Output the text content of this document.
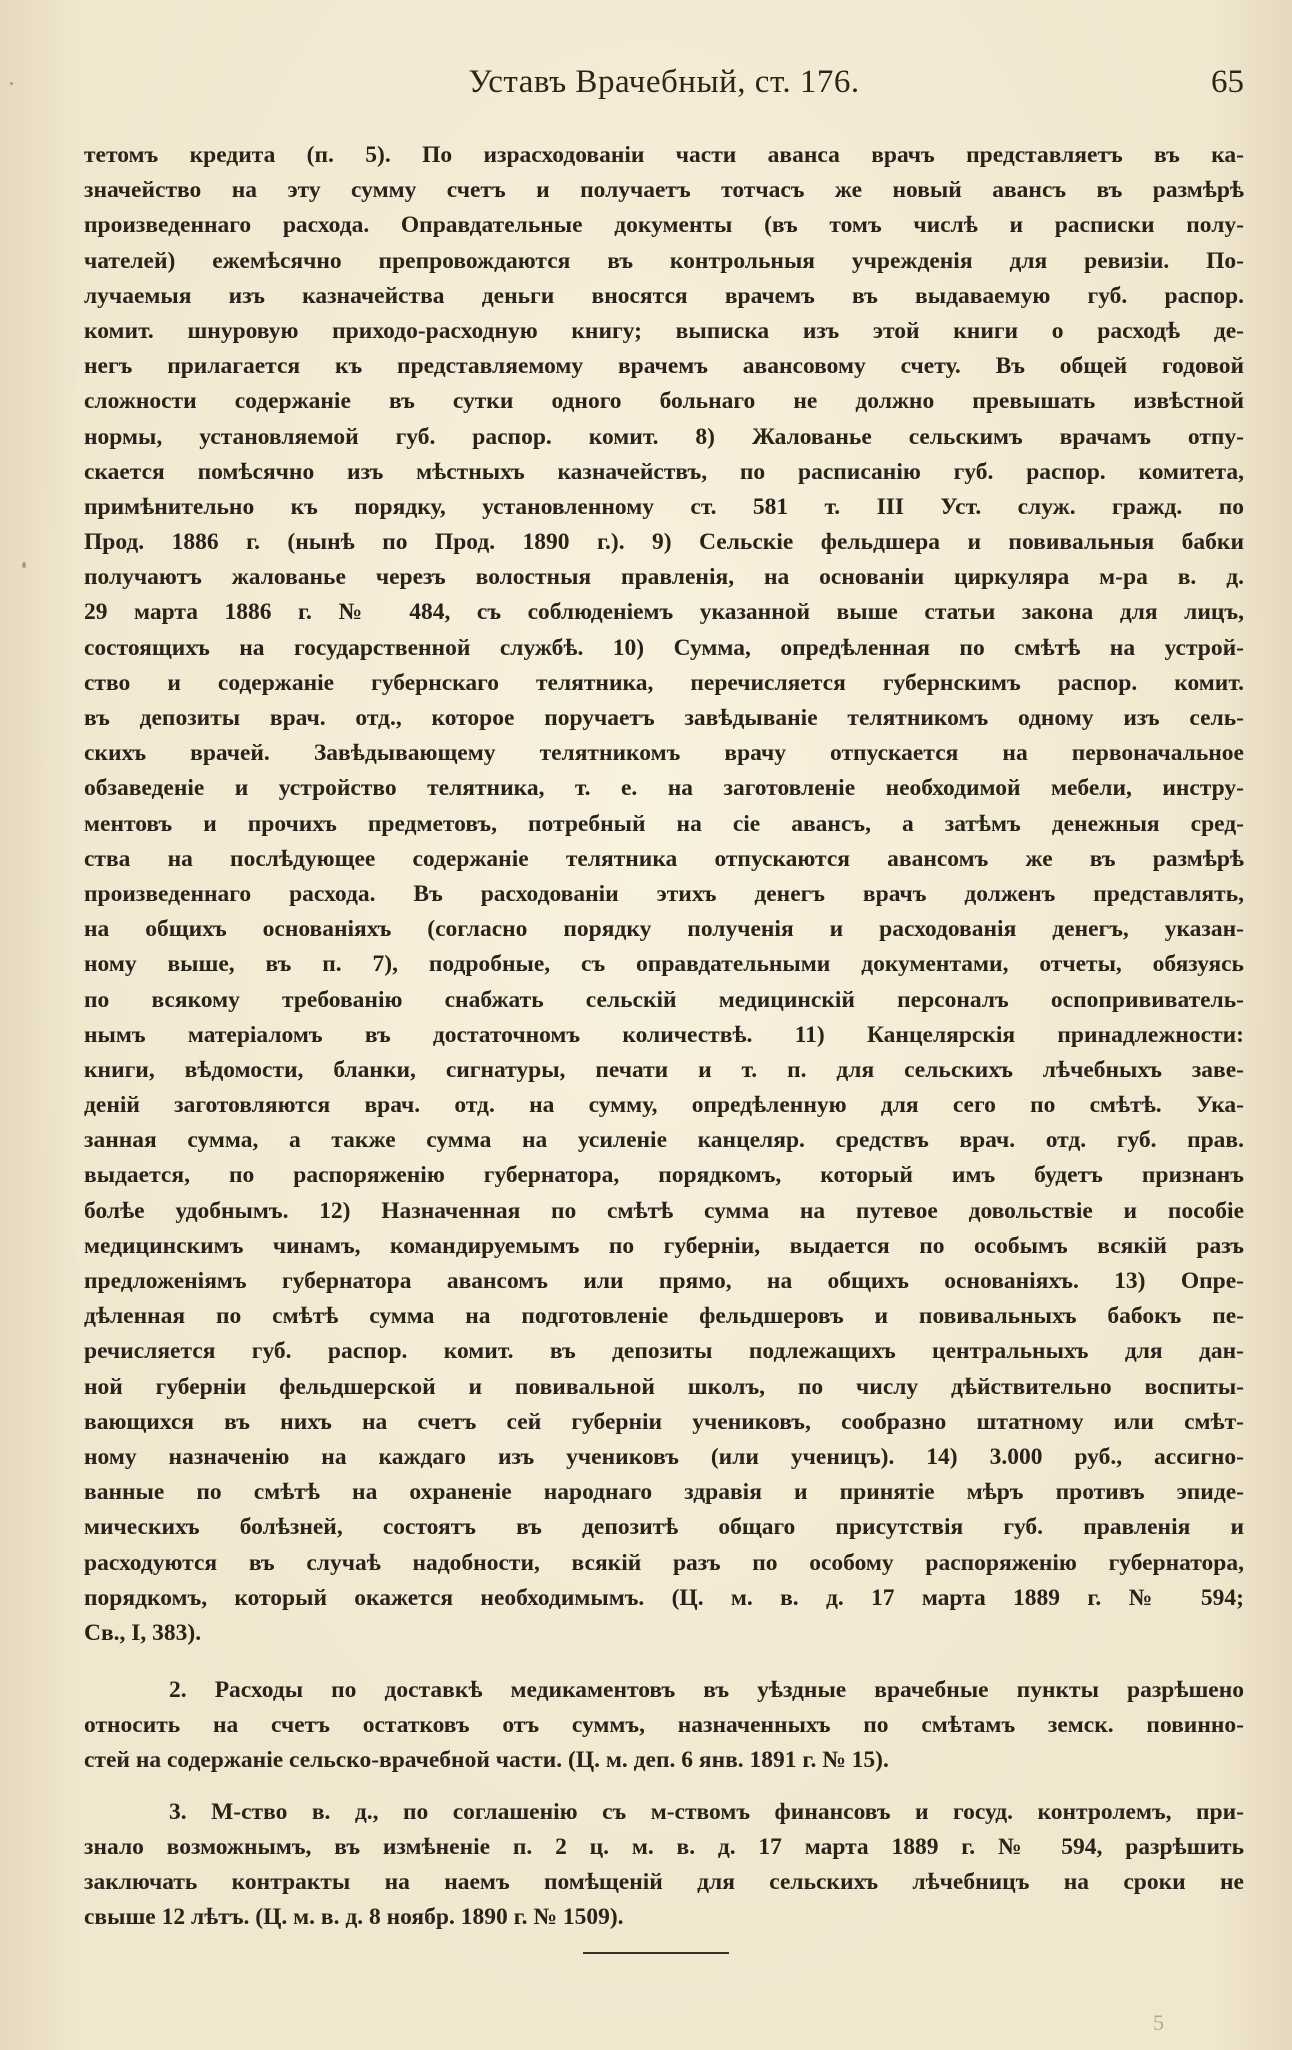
Уставъ Врачебный, ст. 176.	65
тетомъ кредита (п. 5). По израсходованіи части аванса врачъ представляетъ въ ка-
значейство на эту сумму счетъ и получаетъ тотчасъ же новый авансъ въ размѣрѣ
произведеннаго расхода. Оправдательные документы (въ томъ числѣ и расписки полу-
чателей) ежемѣсячно препровождаются въ контрольныя учрежденія для ревизіи. По-
лучаемыя изъ казначейства деньги вносятся врачемъ въ выдаваемую губ. распор.
комит. шнуровую приходо-расходную книгу; выписка изъ этой книги о расходѣ де-
негъ прилагается къ представляемому врачемъ авансовому счету. Въ общей годовой
сложности содержаніе въ сутки одного больнаго не должно превышать извѣстной
нормы, установляемой губ. распор. комит. 8) Жалованье сельскимъ врачамъ отпу-
скается помѣсячно изъ мѣстныхъ казначействъ, по расписанію губ. распор. комитета,
примѣнительно къ порядку, установленному ст. 581 т. III Уст. служ. гражд. по
Прод. 1886 г. (нынѣ по Прод. 1890 г.). 9) Сельскіе фельдшера и повивальныя бабки
получаютъ жалованье черезъ волостныя правленія, на основаніи циркуляра м-ра в. д.
29 марта 1886 г. № 484, съ соблюденіемъ указанной выше статьи закона для лицъ,
состоящихъ на государственной службѣ. 10) Сумма, опредѣленная по смѣтѣ на устрой-
ство и содержаніе губернскаго телятника, перечисляется губернскимъ распор. комит.
въ депозиты врач. отд., которое поручаетъ завѣдываніе телятникомъ одному изъ сель-
скихъ врачей. Завѣдывающему телятникомъ врачу отпускается на первоначальное
обзаведеніе и устройство телятника, т. е. на заготовленіе необходимой мебели, инстру-
ментовъ и прочихъ предметовъ, потребный на сіе авансъ, а затѣмъ денежныя сред-
ства на послѣдующее содержаніе телятника отпускаются авансомъ же въ размѣрѣ
произведеннаго расхода. Въ расходованіи этихъ денегъ врачъ долженъ представлять,
на общихъ основаніяхъ (согласно порядку полученія и расходованія денегъ, указан-
ному выше, въ п. 7), подробные, съ оправдательными документами, отчеты, обязуясь
по всякому требованію снабжать сельскій медицинскій персоналъ оспопрививатель-
нымъ матеріаломъ въ достаточномъ количествѣ. 11) Канцелярскія принадлежности:
книги, вѣдомости, бланки, сигнатуры, печати и т. п. для сельскихъ лѣчебныхъ заве-
деній заготовляются врач. отд. на сумму, опредѣленную для сего по смѣтѣ. Ука-
занная сумма, а также сумма на усиленіе канцеляр. средствъ врач. отд. губ. прав.
выдается, по распоряженію губернатора, порядкомъ, который имъ будетъ признанъ
болѣе удобнымъ. 12) Назначенная по смѣтѣ сумма на путевое довольствіе и пособіе
медицинскимъ чинамъ, командируемымъ по губерніи, выдается по особымъ всякій разъ
предложеніямъ губернатора авансомъ или прямо, на общихъ основаніяхъ. 13) Опре-
дѣленная по смѣтѣ сумма на подготовленіе фельдшеровъ и повивальныхъ бабокъ пе-
речисляется губ. распор. комит. въ депозиты подлежащихъ центральныхъ для дан-
ной губерніи фельдшерской и повивальной школъ, по числу дѣйствительно воспиты-
вающихся въ нихъ на счетъ сей губерніи учениковъ, сообразно штатному или смѣт-
ному назначенію на каждаго изъ учениковъ (или ученицъ). 14) 3.000 руб., ассигно-
ванные по смѣтѣ на охраненіе народнаго здравія и принятіе мѣръ противъ эпиде-
мическихъ болѣзней, состоятъ въ депозитѣ общаго присутствія губ. правленія и
расходуются въ случаѣ надобности, всякій разъ по особому распоряженію губернатора,
порядкомъ, который окажется необходимымъ. (Ц. м. в. д. 17 марта 1889 г. № 594;
Св., I, 383).
2. Расходы по доставкѣ медикаментовъ въ уѣздные врачебные пункты разрѣшено
относить на счетъ остатковъ отъ суммъ, назначенныхъ по смѣтамъ земск. повинно-
стей на содержаніе сельско-врачебной части. (Ц. м. деп. 6 янв. 1891 г. № 15).
3. М-ство в. д., по соглашенію съ м-ствомъ финансовъ и госуд. контролемъ, при-
знало возможнымъ, въ измѣненіе п. 2 ц. м. в. д. 17 марта 1889 г. № 594, разрѣшить
заключать контракты на наемъ помѣщеній для сельскихъ лѣчебницъ на сроки не
свыше 12 лѣтъ. (Ц. м. в. д. 8 ноябр. 1890 г. № 1509).
5
